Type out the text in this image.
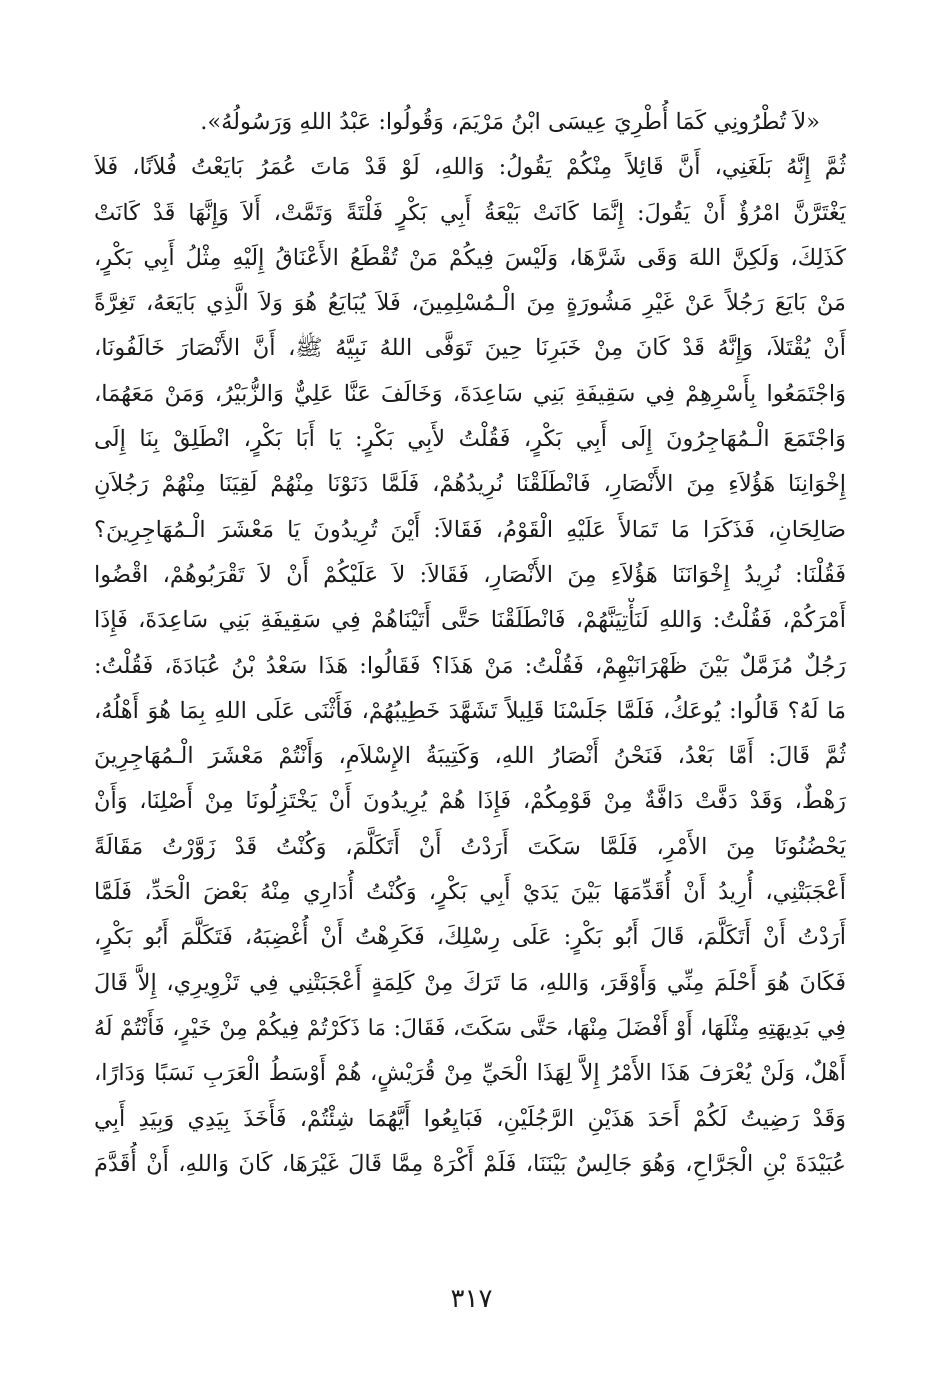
«لاَ تُطْرُونِي كَمَا أُطْرِيَ عِيسَى ابْنُ مَرْيَمَ، وَقُولُوا: عَبْدُ اللهِ وَرَسُولُهُ».
ثُمَّ إِنَّهُ بَلَغَنِي، أَنَّ قَائِلاً مِنْكُمْ يَقُولُ: وَاللهِ، لَوْ قَدْ مَاتَ عُمَرُ بَايَعْتُ فُلاَنًا، فَلاَ
يَغْتَرَّنَّ امْرُؤٌ أَنْ يَقُولَ: إِنَّمَا كَانَتْ بَيْعَةُ أَبِي بَكْرٍ فَلْتَةً وَتَمَّتْ، أَلاَ وَإِنَّهَا قَدْ كَانَتْ
كَذَلِكَ، وَلَكِنَّ اللهَ وَقَى شَرَّهَا، وَلَيْسَ فِيكُمْ مَنْ تُقْطَعُ الأَعْنَاقُ إِلَيْهِ مِثْلُ أَبِي بَكْرٍ،
مَنْ بَايَعَ رَجُلاً عَنْ غَيْرِ مَشُورَةٍ مِنَ الْـمُسْلِمِينَ، فَلاَ يُبَايَعُ هُوَ وَلاَ الَّذِي بَايَعَهُ، تَغِرَّةً
أَنْ يُقْتَلاَ، وَإِنَّهُ قَدْ كَانَ مِنْ خَبَرِنَا حِينَ تَوَفَّى اللهُ نَبِيَّهُ ﷺ، أَنَّ الأَنْصَارَ خَالَفُونَا،
وَاجْتَمَعُوا بِأَسْرِهِمْ فِي سَقِيفَةِ بَنِي سَاعِدَةَ، وَخَالَفَ عَنَّا عَلِيٌّ وَالزُّبَيْرُ، وَمَنْ مَعَهُمَا،
وَاجْتَمَعَ الْـمُهَاجِرُونَ إِلَى أَبِي بَكْرٍ، فَقُلْتُ لأَبِي بَكْرٍ: يَا أَبَا بَكْرٍ، انْطَلِقْ بِنَا إِلَى
إِخْوَانِنَا هَؤُلاَءِ مِنَ الأَنْصَارِ، فَانْطَلَقْنَا نُرِيدُهُمْ، فَلَمَّا دَنَوْنَا مِنْهُمْ لَقِيَنَا مِنْهُمْ رَجُلاَنِ
صَالِحَانِ، فَذَكَرَا مَا تَمَالأَ عَلَيْهِ الْقَوْمُ، فَقَالاَ: أَيْنَ تُرِيدُونَ يَا مَعْشَرَ الْـمُهَاجِرِينَ؟
فَقُلْنَا: نُرِيدُ إِخْوَانَنَا هَؤُلاَءِ مِنَ الأَنْصَارِ، فَقَالاَ: لاَ عَلَيْكُمْ أَنْ لاَ تَقْرَبُوهُمْ، اقْضُوا
أَمْرَكُمْ، فَقُلْتُ: وَاللهِ لَنَأْتِيَنَّهُمْ، فَانْطَلَقْنَا حَتَّى أَتَيْنَاهُمْ فِي سَقِيفَةِ بَنِي سَاعِدَةَ، فَإِذَا
رَجُلٌ مُزَمَّلٌ بَيْنَ ظَهْرَانَيْهِمْ، فَقُلْتُ: مَنْ هَذَا؟ فَقَالُوا: هَذَا سَعْدُ بْنُ عُبَادَةَ، فَقُلْتُ:
مَا لَهُ؟ قَالُوا: يُوعَكُ، فَلَمَّا جَلَسْنَا قَلِيلاً تَشَهَّدَ خَطِيبُهُمْ، فَأَثْنَى عَلَى اللهِ بِمَا هُوَ أَهْلُهُ،
ثُمَّ قَالَ: أَمَّا بَعْدُ، فَنَحْنُ أَنْصَارُ اللهِ، وَكَتِيبَةُ الإِسْلاَمِ، وَأَنْتُمْ مَعْشَرَ الْـمُهَاجِرِينَ
رَهْطٌ، وَقَدْ دَفَّتْ دَافَّةٌ مِنْ قَوْمِكُمْ، فَإِذَا هُمْ يُرِيدُونَ أَنْ يَخْتَزِلُونَا مِنْ أَصْلِنَا، وَأَنْ
يَحْضُنُونَا مِنَ الأَمْرِ، فَلَمَّا سَكَتَ أَرَدْتُ أَنْ أَتَكَلَّمَ، وَكُنْتُ قَدْ زَوَّرْتُ مَقَالَةً
أَعْجَبَتْنِي، أُرِيدُ أَنْ أُقَدِّمَهَا بَيْنَ يَدَيْ أَبِي بَكْرٍ، وَكُنْتُ أُدَارِي مِنْهُ بَعْضَ الْحَدِّ، فَلَمَّا
أَرَدْتُ أَنْ أَتَكَلَّمَ، قَالَ أَبُو بَكْرٍ: عَلَى رِسْلِكَ، فَكَرِهْتُ أَنْ أُغْضِبَهُ، فَتَكَلَّمَ أَبُو بَكْرٍ،
فَكَانَ هُوَ أَحْلَمَ مِنِّي وَأَوْقَرَ، وَاللهِ، مَا تَرَكَ مِنْ كَلِمَةٍ أَعْجَبَتْنِي فِي تَزْوِيرِي، إِلاَّ قَالَ
فِي بَدِيهَتِهِ مِثْلَهَا، أَوْ أَفْضَلَ مِنْهَا، حَتَّى سَكَتَ، فَقَالَ: مَا ذَكَرْتُمْ فِيكُمْ مِنْ خَيْرٍ، فَأَنْتُمْ لَهُ
أَهْلٌ، وَلَنْ يُعْرَفَ هَذَا الأَمْرُ إِلاَّ لِهَذَا الْحَيِّ مِنْ قُرَيْشٍ، هُمْ أَوْسَطُ الْعَرَبِ نَسَبًا وَدَارًا،
وَقَدْ رَضِيتُ لَكُمْ أَحَدَ هَذَيْنِ الرَّجُلَيْنِ، فَبَايِعُوا أَيَّهُمَا شِئْتُمْ، فَأَخَذَ بِيَدِي وَبِيَدِ أَبِي
عُبَيْدَةَ بْنِ الْجَرَّاحِ، وَهُوَ جَالِسٌ بَيْنَنَا، فَلَمْ أَكْرَهْ مِمَّا قَالَ غَيْرَهَا، كَانَ وَاللهِ، أَنْ أُقَدَّمَ
٣١٧
